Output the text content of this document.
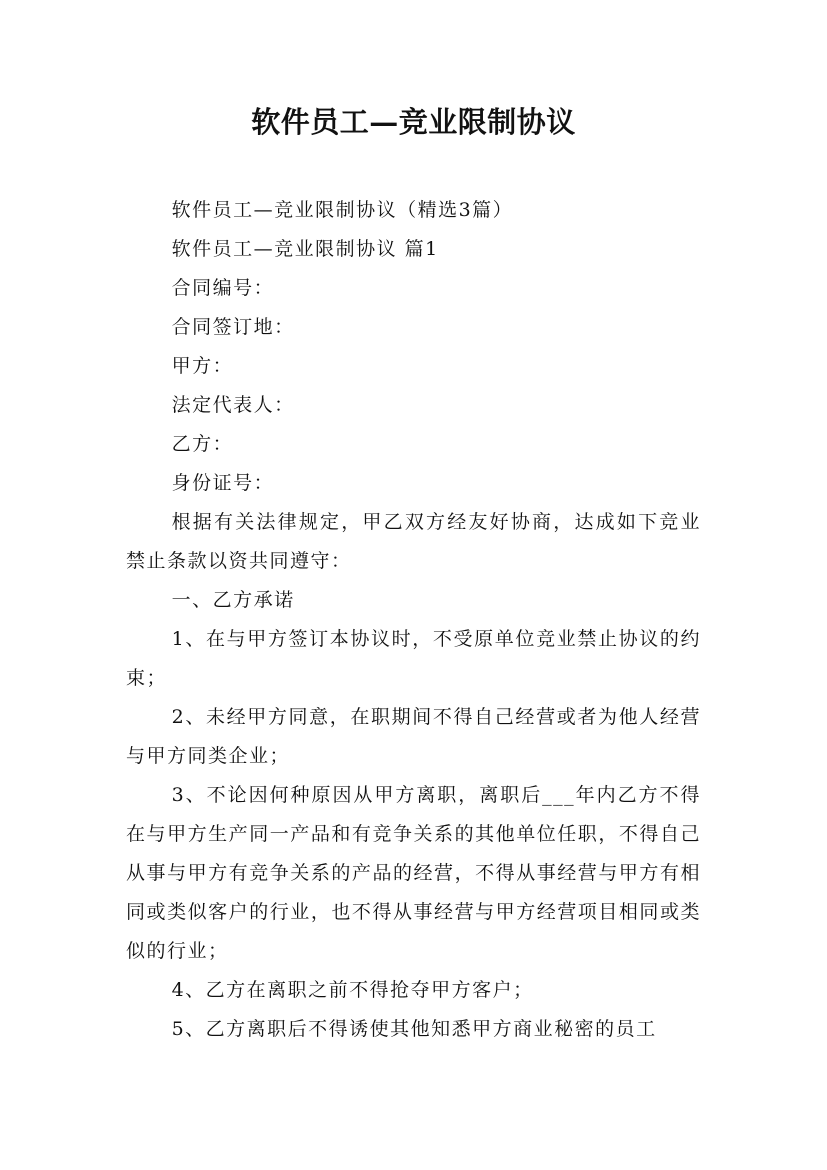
软件员工—竞业限制协议

软件员工—竞业限制协议（精选3篇）

软件员工—竞业限制协议 篇1

合同编号：

合同签订地：

甲方：

法定代表人：

乙方：

身份证号：

根据有关法律规定，甲乙双方经友好协商，达成如下竞业禁止条款以资共同遵守：

一、乙方承诺

1、在与甲方签订本协议时，不受原单位竞业禁止协议的约束；

2、未经甲方同意，在职期间不得自己经营或者为他人经营与甲方同类企业；

3、不论因何种原因从甲方离职，离职后___年内乙方不得在与甲方生产同一产品和有竞争关系的其他单位任职，不得自己从事与甲方有竞争关系的产品的经营，不得从事经营与甲方有相同或类似客户的行业，也不得从事经营与甲方经营项目相同或类似的行业；

4、乙方在离职之前不得抢夺甲方客户；

5、乙方离职后不得诱使其他知悉甲方商业秘密的员工
